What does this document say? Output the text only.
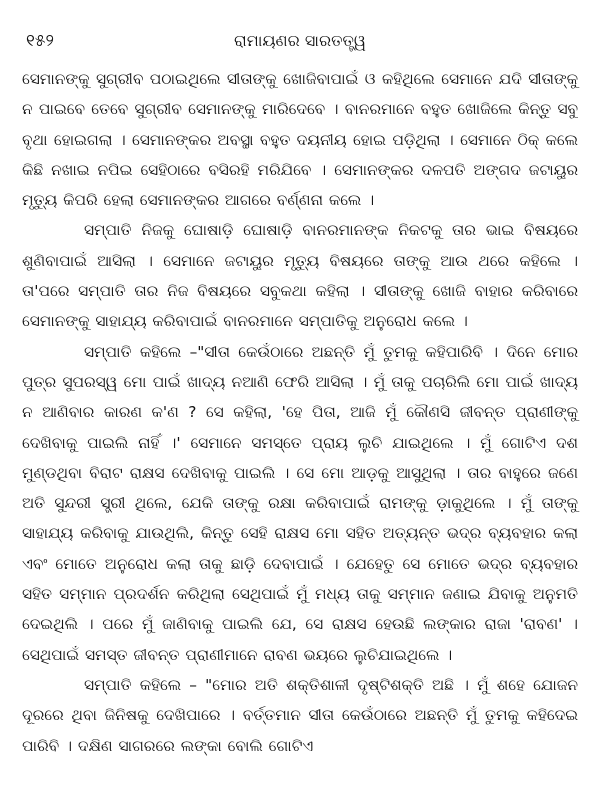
୧୫୨	ରାମାୟଣର ସାରତତ୍ତ୍ୱ

ସେମାନଙ୍କୁ ସୁଗ୍ରୀବ ପଠାଇଥିଲେ ସୀତାଙ୍କୁ ଖୋଜିବାପାଇଁ ଓ କହିଥିଲେ ସେମାନେ ଯଦି ସୀତାଙ୍କୁ ନ ପାଇବେ ତେବେ ସୁଗ୍ରୀବ ସେମାନଙ୍କୁ ମାରିଦେବେ । ବାନରମାନେ ବହୁତ ଖୋଜିଲେ କିନ୍ତୁ ସବୁ ବୃଥା ହୋଇଗଲା । ସେମାନଙ୍କର ଅବସ୍ଥା ବହୁତ ଦୟନୀୟ ହୋଇ ପଡ଼ିଥିଲା । ସେମାନେ ଠିକ୍ କଲେ କିଛି ନଖାଇ ନପିଇ ସେହିଠାରେ ବସିରହି ମରିଯିବେ । ସେମାନଙ୍କର ଦଳପତି ଅଙ୍ଗଦ ଜଟାୟୁର ମୃତ୍ୟୁ କିପରି ହେଲା ସେମାନଙ୍କର ଆଗରେ ବର୍ଣ୍ଣନା କଲେ ।

ସମ୍ପାତି ନିଜକୁ ଘୋଷାଡ଼ି ଘୋଷାଡ଼ି ବାନରମାନଙ୍କ ନିକଟକୁ ତାର ଭାଇ ବିଷୟରେ ଶୁଣିବାପାଇଁ ଆସିଲା । ସେମାନେ ଜଟାୟୁର ମୃତ୍ୟୁ ବିଷୟରେ ତାଙ୍କୁ ଆଉ ଥରେ କହିଲେ । ତା'ପରେ ସମ୍ପାତି ତାର ନିଜ ବିଷୟରେ ସବୁକଥା କହିଲା । ସୀତାଙ୍କୁ ଖୋଜି ବାହାର କରିବାରେ ସେମାନଙ୍କୁ ସାହାଯ୍ୟ କରିବାପାଇଁ ବାନରମାନେ ସମ୍ପାତିକୁ ଅନୁରୋଧ କଲେ ।

ସମ୍ପାତି କହିଲେ –"ସୀତା କେଉଁଠାରେ ଅଛନ୍ତି ମୁଁ ତୁମକୁ କହିପାରିବି । ଦିନେ ମୋର ପୁତ୍ର ସୁପରସ୍ୱ ମୋ ପାଇଁ ଖାଦ୍ୟ ନଆଣି ଫେରି ଆସିଲା । ମୁଁ ତାକୁ ପଚାରିଲି ମୋ ପାଇଁ ଖାଦ୍ୟ ନ ଆଣିବାର କାରଣ କ'ଣ ? ସେ କହିଲା, 'ହେ ପିତା, ଆଜି ମୁଁ କୌଣସି ଜୀବନ୍ତ ପ୍ରାଣୀଙ୍କୁ ଦେଖିବାକୁ ପାଇଲି ନାହିଁ ।' ସେମାନେ ସମସ୍ତେ ପ୍ରାୟ ଲୁଚି ଯାଇଥିଲେ । ମୁଁ ଗୋଟିଏ ଦଶ ମୁଣ୍ଡଥିବା ବିରାଟ ରାକ୍ଷସ ଦେଖିବାକୁ ପାଇଲି । ସେ ମୋ ଆଡ଼କୁ ଆସୁଥିଲା । ତାର ବାହୁରେ ଜଣେ ଅତି ସୁନ୍ଦରୀ ସ୍ତ୍ରୀ ଥିଲେ, ଯେକି ତାଙ୍କୁ ରକ୍ଷା କରିବାପାଇଁ ରାମଙ୍କୁ ଡ଼ାକୁଥିଲେ । ମୁଁ ତାଙ୍କୁ ସାହାଯ୍ୟ କରିବାକୁ ଯାଉଥିଲି, କିନ୍ତୁ ସେହି ରାକ୍ଷସ ମୋ ସହିତ ଅତ୍ୟନ୍ତ ଭଦ୍ର ବ୍ୟବହାର କଲା ଏବଂ ମୋତେ ଅନୁରୋଧ କଲା ତାକୁ ଛାଡ଼ି ଦେବାପାଇଁ । ଯେହେତୁ ସେ ମୋତେ ଭଦ୍ର ବ୍ୟବହାର ସହିତ ସମ୍ମାନ ପ୍ରଦର୍ଶନ କରିଥିଲା ସେଥିପାଇଁ ମୁଁ ମଧ୍ୟ ତାକୁ ସମ୍ମାନ ଜଣାଇ ଯିବାକୁ ଅନୁମତି ଦେଇଥିଲି । ପରେ ମୁଁ ଜାଣିବାକୁ ପାଇଲି ଯେ, ସେ ରାକ୍ଷସ ହେଉଛି ଲଙ୍କାର ରାଜା 'ରାବଣ' । ସେଥିପାଇଁ ସମସ୍ତ ଜୀବନ୍ତ ପ୍ରାଣୀମାନେ ରାବଣ ଭୟରେ ଲୁଚିଯାଇଥିଲେ ।

ସମ୍ପାତି କହିଲେ – "ମୋର ଅତି ଶକ୍ତିଶାଳୀ ଦୃଷ୍ଟିଶକ୍ତି ଅଛି । ମୁଁ ଶହେ ଯୋଜନ ଦୂରରେ ଥିବା ଜିନିଷକୁ ଦେଖିପାରେ । ବର୍ତ୍ତମାନ ସୀତା କେଉଁଠାରେ ଅଛନ୍ତି ମୁଁ ତୁମକୁ କହିଦେଇ ପାରିବି । ଦକ୍ଷିଣ ସାଗରରେ ଲଙ୍କା ବୋଲି ଗୋଟିଏ
